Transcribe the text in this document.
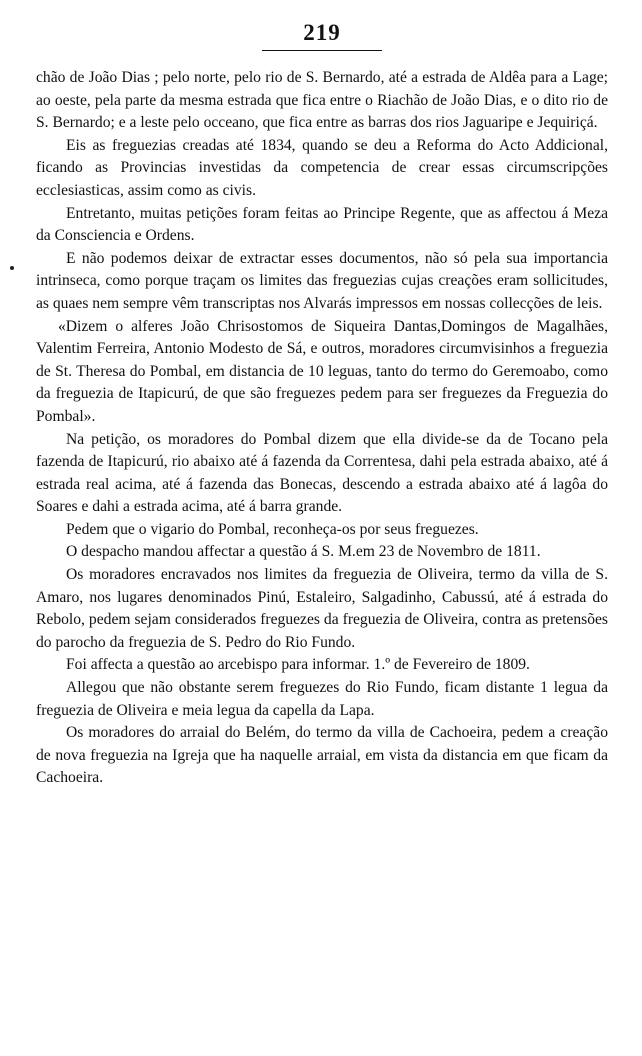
219

chão de João Dias ; pelo norte, pelo rio de S. Bernardo, até a estrada de Aldêa para a Lage; ao oeste, pela parte da mesma estrada que fica entre o Riachão de João Dias, e o dito rio de S. Bernardo; e a leste pelo occeano, que fica entre as barras dos rios Jaguaripe e Jequiriçá.

Eis as freguezias creadas até 1834, quando se deu a Reforma do Acto Addicional, ficando as Provincias investidas da competencia de crear essas circumscripções ecclesiasticas, assim como as civis.

Entretanto, muitas petições foram feitas ao Principe Regente, que as affectou á Meza da Consciencia e Ordens.

E não podemos deixar de extractar esses documentos, não só pela sua importancia intrinseca, como porque traçam os limites das freguezias cujas creações eram sollicitudes, as quaes nem sempre vêm transcriptas nos Alvarás impressos em nossas collecções de leis.

«Dizem o alferes João Chrisostomos de Siqueira Dantas,Domingos de Magalhães, Valentim Ferreira, Antonio Modesto de Sá, e outros, moradores circumvisinhos a freguezia de St. Theresa do Pombal, em distancia de 10 leguas, tanto do termo do Geremoabo, como da freguezia de Itapicurú, de que são freguezes pedem para ser freguezes da Freguezia do Pombal».

Na petição, os moradores do Pombal dizem que ella divide-se da de Tocano pela fazenda de Itapicurú, rio abaixo até á fazenda da Correntesa, dahi pela estrada abaixo, até á estrada real acima, até á fazenda das Bonecas, descendo a estrada abaixo até á lagôa do Soares e dahi a estrada acima, até á barra grande.

Pedem que o vigario do Pombal, reconheça-os por seus freguezes.

O despacho mandou affectar a questão á S. M.em 23 de Novembro de 1811.

Os moradores encravados nos limites da freguezia de Oliveira, termo da villa de S. Amaro, nos lugares denominados Pinú, Estaleiro, Salgadinho, Cabussú, até á estrada do Rebolo, pedem sejam considerados freguezes da freguezia de Oliveira, contra as pretensões do parocho da freguezia de S. Pedro do Rio Fundo.

Foi affecta a questão ao arcebispo para informar. 1.º de Fevereiro de 1809.

Allegou que não obstante serem freguezes do Rio Fundo, ficam distante 1 legua da freguezia de Oliveira e meia legua da capella da Lapa.

Os moradores do arraial do Belém, do termo da villa de Cachoeira, pedem a creação de nova freguezia na Igreja que ha naquelle arraial, em vista da distancia em que ficam da Cachoeira.
